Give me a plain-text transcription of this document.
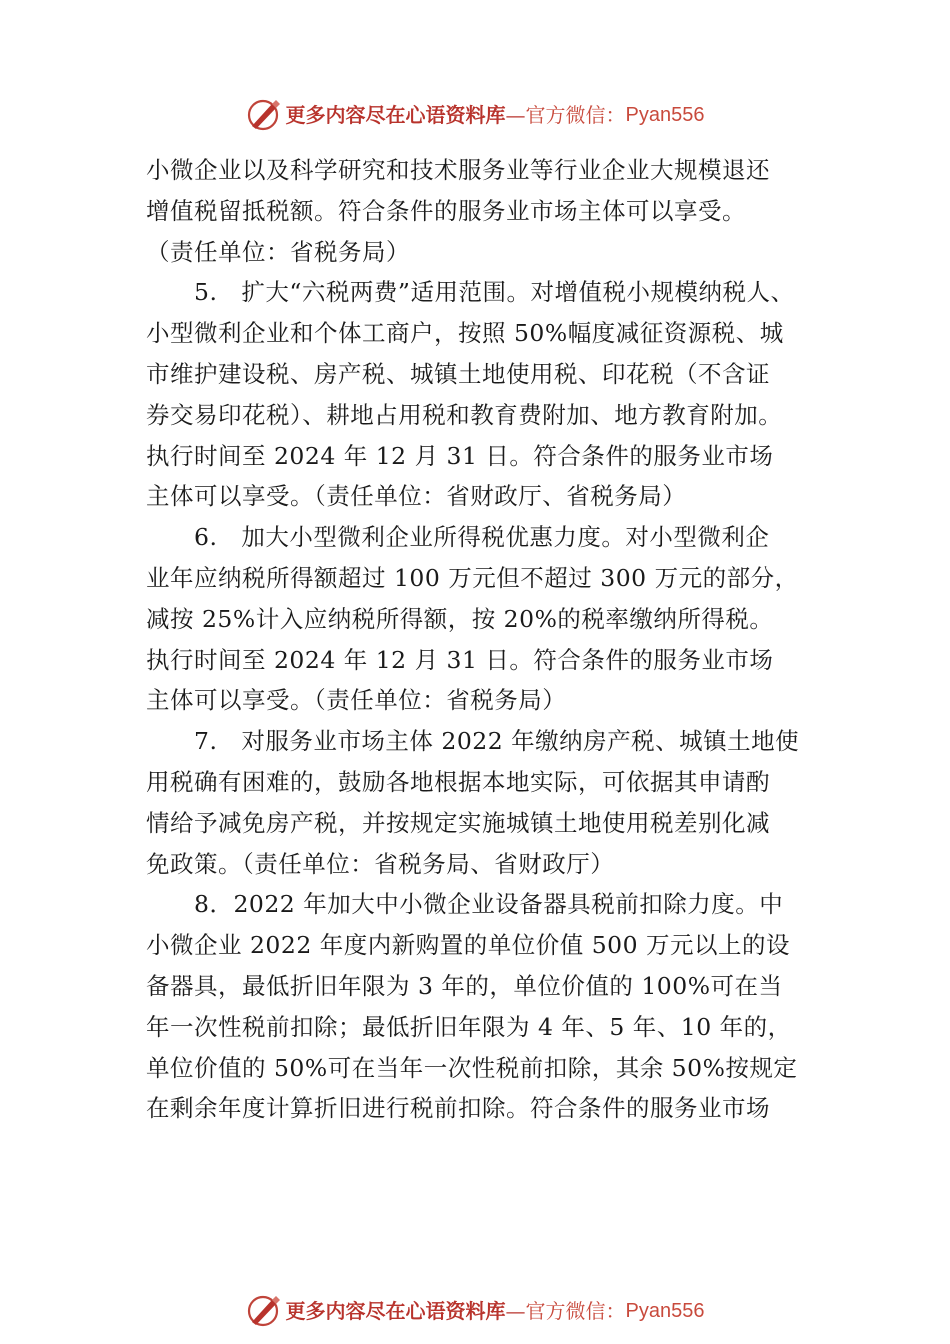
更多内容尽在心语资料库 — 官方微信： Pyan556
小微企业以及科学研究和技术服务业等行业企业大规模退还
增值税留抵税额。符合条件的服务业市场主体可以享受。
（责任单位：省税务局）
　　5.　扩大“六税两费”适用范围。对增值税小规模纳税人、
小型微利企业和个体工商户，按照 50%幅度减征资源税、城
市维护建设税、房产税、城镇土地使用税、印花税（不含证
券交易印花税）、耕地占用税和教育费附加、地方教育附加。
执行时间至 2024 年 12 月 31 日。符合条件的服务业市场
主体可以享受。（责任单位：省财政厅、省税务局）
　　6.　加大小型微利企业所得税优惠力度。对小型微利企
业年应纳税所得额超过 100 万元但不超过 300 万元的部分，
减按 25%计入应纳税所得额，按 20%的税率缴纳所得税。
执行时间至 2024 年 12 月 31 日。符合条件的服务业市场
主体可以享受。（责任单位：省税务局）
　　7.　对服务业市场主体 2022 年缴纳房产税、城镇土地使
用税确有困难的，鼓励各地根据本地实际，可依据其申请酌
情给予减免房产税，并按规定实施城镇土地使用税差别化减
免政策。（责任单位：省税务局、省财政厅）
　　8．2022 年加大中小微企业设备器具税前扣除力度。中
小微企业 2022 年度内新购置的单位价值 500 万元以上的设
备器具，最低折旧年限为 3 年的，单位价值的 100%可在当
年一次性税前扣除；最低折旧年限为 4 年、5 年、10 年的，
单位价值的 50%可在当年一次性税前扣除，其余 50%按规定
在剩余年度计算折旧进行税前扣除。符合条件的服务业市场
更多内容尽在心语资料库 — 官方微信： Pyan556
